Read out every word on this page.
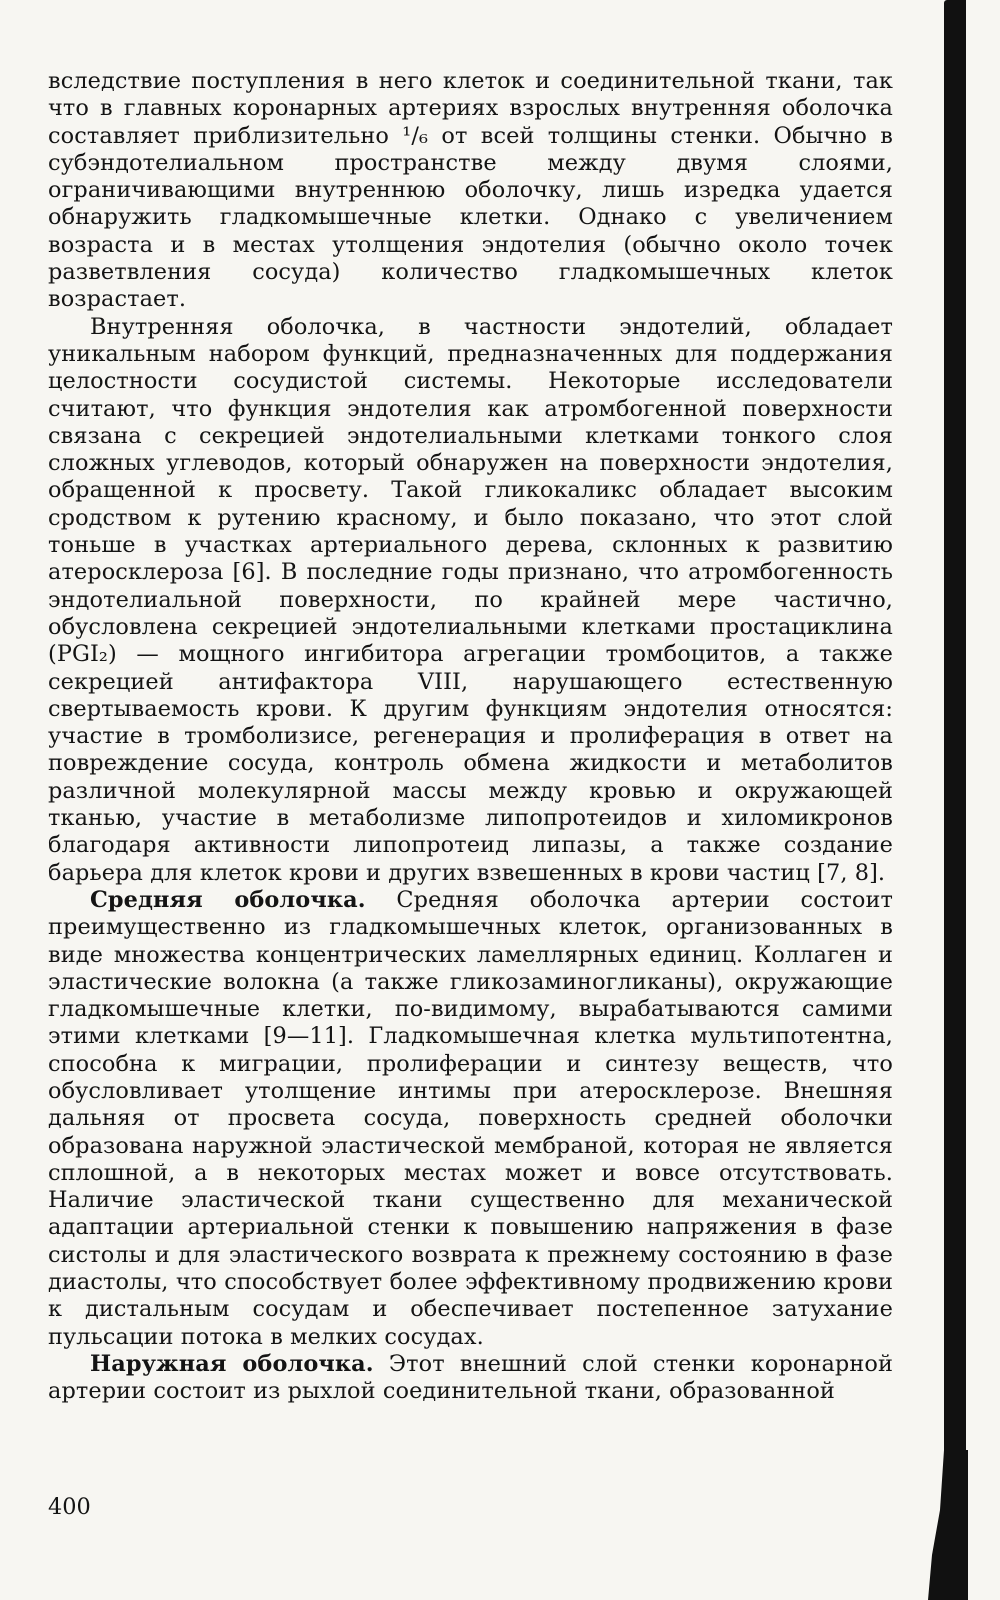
вследствие поступления в него клеток и соединительной ткани, так что в главных коронарных артериях взрослых внутренняя оболочка составляет приблизительно ¹/₆ от всей толщины стенки. Обычно в субэндотелиальном пространстве между двумя слоями, ограничивающими внутреннюю оболочку, лишь изредка удается обнаружить гладкомышечные клетки. Однако с увеличением возраста и в местах утолщения эндотелия (обычно около точек разветвления сосуда) количество гладкомышечных клеток возрастает.

Внутренняя оболочка, в частности эндотелий, обладает уникальным набором функций, предназначенных для поддержания целостности сосудистой системы. Некоторые исследователи считают, что функция эндотелия как атромбогенной поверхности связана с секрецией эндотелиальными клетками тонкого слоя сложных углеводов, который обнаружен на поверхности эндотелия, обращенной к просвету. Такой гликокаликс обладает высоким сродством к рутению красному, и было показано, что этот слой тоньше в участках артериального дерева, склонных к развитию атеросклероза [6]. В последние годы признано, что атромбогенность эндотелиальной поверхности, по крайней мере частично, обусловлена секрецией эндотелиальными клетками простациклина (PGI₂) — мощного ингибитора агрегации тромбоцитов, а также секрецией антифактора VIII, нарушающего естественную свертываемость крови. К другим функциям эндотелия относятся: участие в тромболизисе, регенерация и пролиферация в ответ на повреждение сосуда, контроль обмена жидкости и метаболитов различной молекулярной массы между кровью и окружающей тканью, участие в метаболизме липопротеидов и хиломикронов благодаря активности липопротеид липазы, а также создание барьера для клеток крови и других взвешенных в крови частиц [7, 8].

Средняя оболочка. Средняя оболочка артерии состоит преимущественно из гладкомышечных клеток, организованных в виде множества концентрических ламеллярных единиц. Коллаген и эластические волокна (а также гликозаминогликаны), окружающие гладкомышечные клетки, по-видимому, вырабатываются самими этими клетками [9—11]. Гладкомышечная клетка мультипотентна, способна к миграции, пролиферации и синтезу веществ, что обусловливает утолщение интимы при атеросклерозе. Внешняя дальняя от просвета сосуда, поверхность средней оболочки образована наружной эластической мембраной, которая не является сплошной, а в некоторых местах может и вовсе отсутствовать. Наличие эластической ткани существенно для механической адаптации артериальной стенки к повышению напряжения в фазе систолы и для эластического возврата к прежнему состоянию в фазе диастолы, что способствует более эффективному продвижению крови к дистальным сосудам и обеспечивает постепенное затухание пульсации потока в мелких сосудах.

Наружная оболочка. Этот внешний слой стенки коронарной артерии состоит из рыхлой соединительной ткани, образованной

400
